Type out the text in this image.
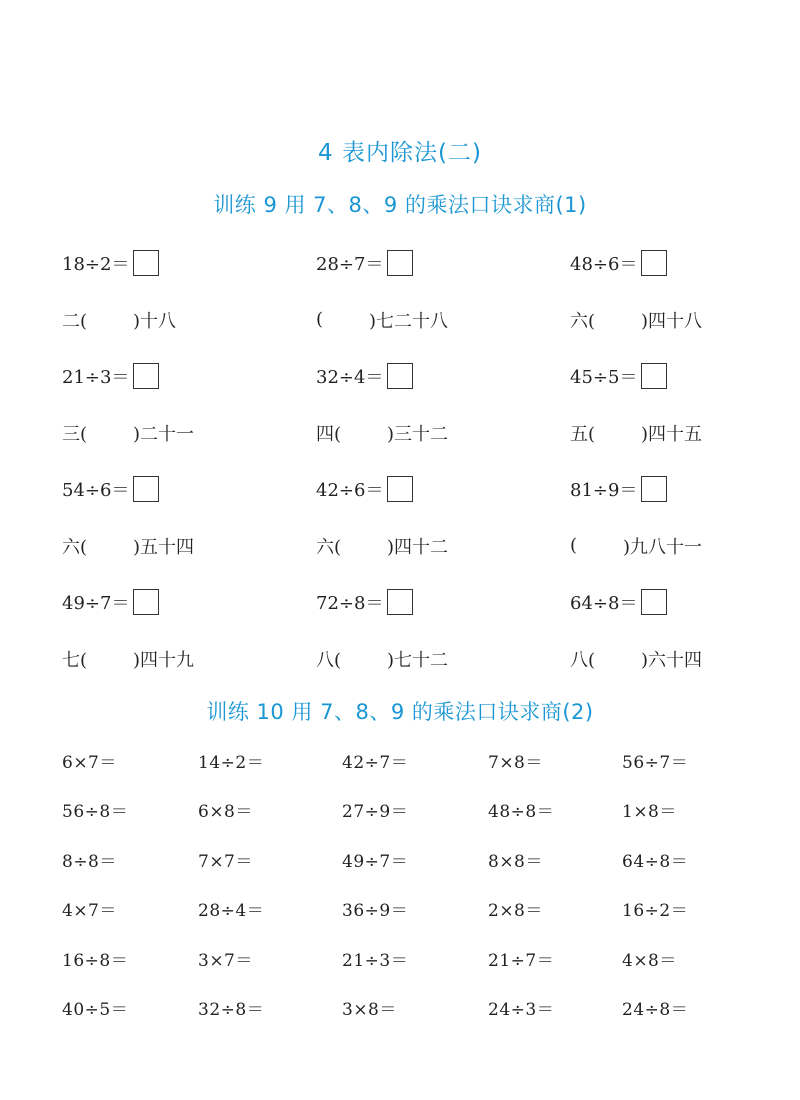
4 表内除法(二)
训练 9 用 7、8、9 的乘法口诀求商(1)
18÷2＝	28÷7＝	48÷6＝
二(	)十八	(	)七二十八	六(	)四十八
21÷3＝	32÷4＝	45÷5＝
三(	)二十一	四(	)三十二	五(	)四十五
54÷6＝	42÷6＝	81÷9＝
六(	)五十四	六(	)四十二	(	)九八十一
49÷7＝	72÷8＝	64÷8＝
七(	)四十九	八(	)七十二	八(	)六十四
训练 10 用 7、8、9 的乘法口诀求商(2)
6×7＝	14÷2＝	42÷7＝	7×8＝	56÷7＝
56÷8＝	6×8＝	27÷9＝	48÷8＝	1×8＝
8÷8＝	7×7＝	49÷7＝	8×8＝	64÷8＝
4×7＝	28÷4＝	36÷9＝	2×8＝	16÷2＝
16÷8＝	3×7＝	21÷3＝	21÷7＝	4×8＝
40÷5＝	32÷8＝	3×8＝	24÷3＝	24÷8＝
